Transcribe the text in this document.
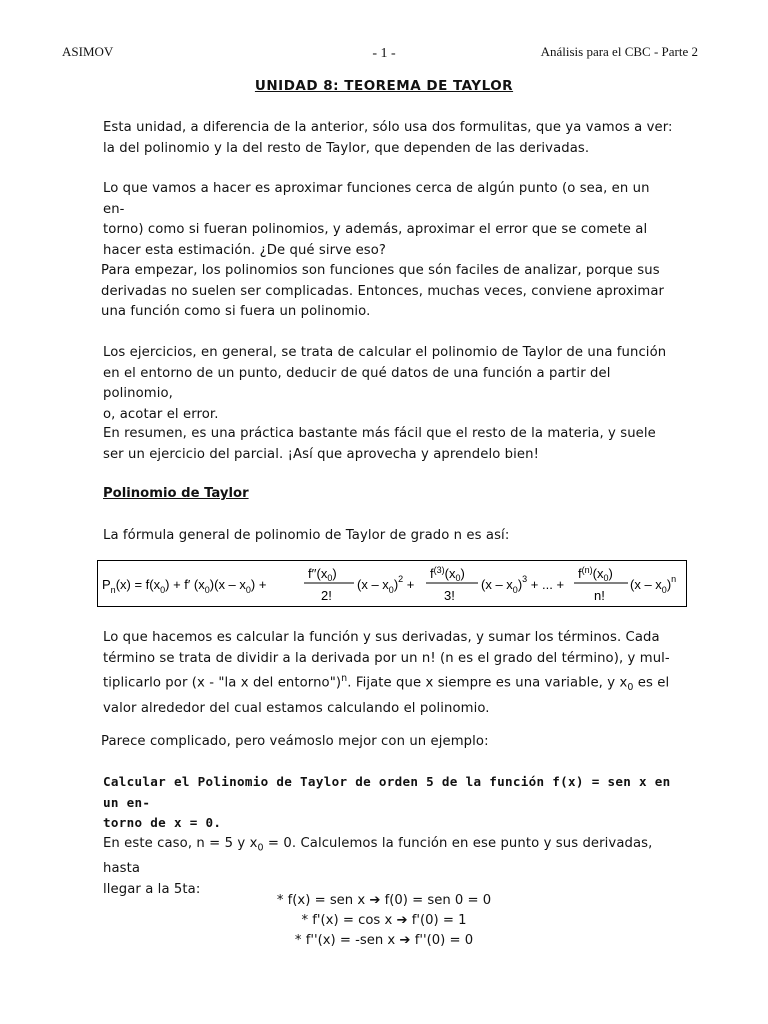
ASIMOV	- 1 -	Análisis para el CBC - Parte 2
UNIDAD 8: TEOREMA DE TAYLOR
Esta unidad, a diferencia de la anterior, sólo usa dos formulitas, que ya vamos a ver:
la del polinomio y la del resto de Taylor, que dependen de las derivadas.
Lo que vamos a hacer es aproximar funciones cerca de algún punto (o sea, en un en-
torno) como si fueran polinomios, y además, aproximar el error que se comete al
hacer esta estimación. ¿De qué sirve eso?
Para empezar, los polinomios son funciones que són faciles de analizar, porque sus
derivadas no suelen ser complicadas. Entonces, muchas veces, conviene aproximar
una función como si fuera un polinomio.
Los ejercicios, en general, se trata de calcular el polinomio de Taylor de una función
en el entorno de un punto, deducir de qué datos de una función a partir del polinomio,
o, acotar el error.
En resumen, es una práctica bastante más fácil que el resto de la materia, y suele
ser un ejercicio del parcial. ¡Así que aprovecha y aprendelo bien!
Polinomio de Taylor
La fórmula general de polinomio de Taylor de grado n es así:
$P_n(x) = f(x_0) + f'$ $(x_0)(x - x_0)$ +
$f''(x_0)$
2!
$(x - x_0)^2$ +
$f^{(3)}(x_0)$
3!
$(x - x_0)^3$ + ... +
$f^{(n)}(x_0)$
n!
$(x - x_0)^n$
Lo que hacemos es calcular la función y sus derivadas, y sumar los términos. Cada
término se trata de dividir a la derivada por un n! (n es el grado del término), y mul-
tiplicarlo por (x - "la x del entorno")$^n$. Fijate que x siempre es una variable, y $x_0$ es el
valor alrededor del cual estamos calculando el polinomio.
Parece complicado, pero veámoslo mejor con un ejemplo:
Calcular el Polinomio de Taylor de orden 5 de la función f(x) = sen x en un en-
torno de x = 0.
En este caso, n = 5 y $x_0 = 0$. Calculemos la función en ese punto y sus derivadas, hasta
llegar a la 5ta:
* f(x) = sen x ➔ f(0) = sen 0 = 0
* f'(x) = cos x ➔ f'(0) = 1
* f''(x) = -sen x ➔ f''(0) = 0
